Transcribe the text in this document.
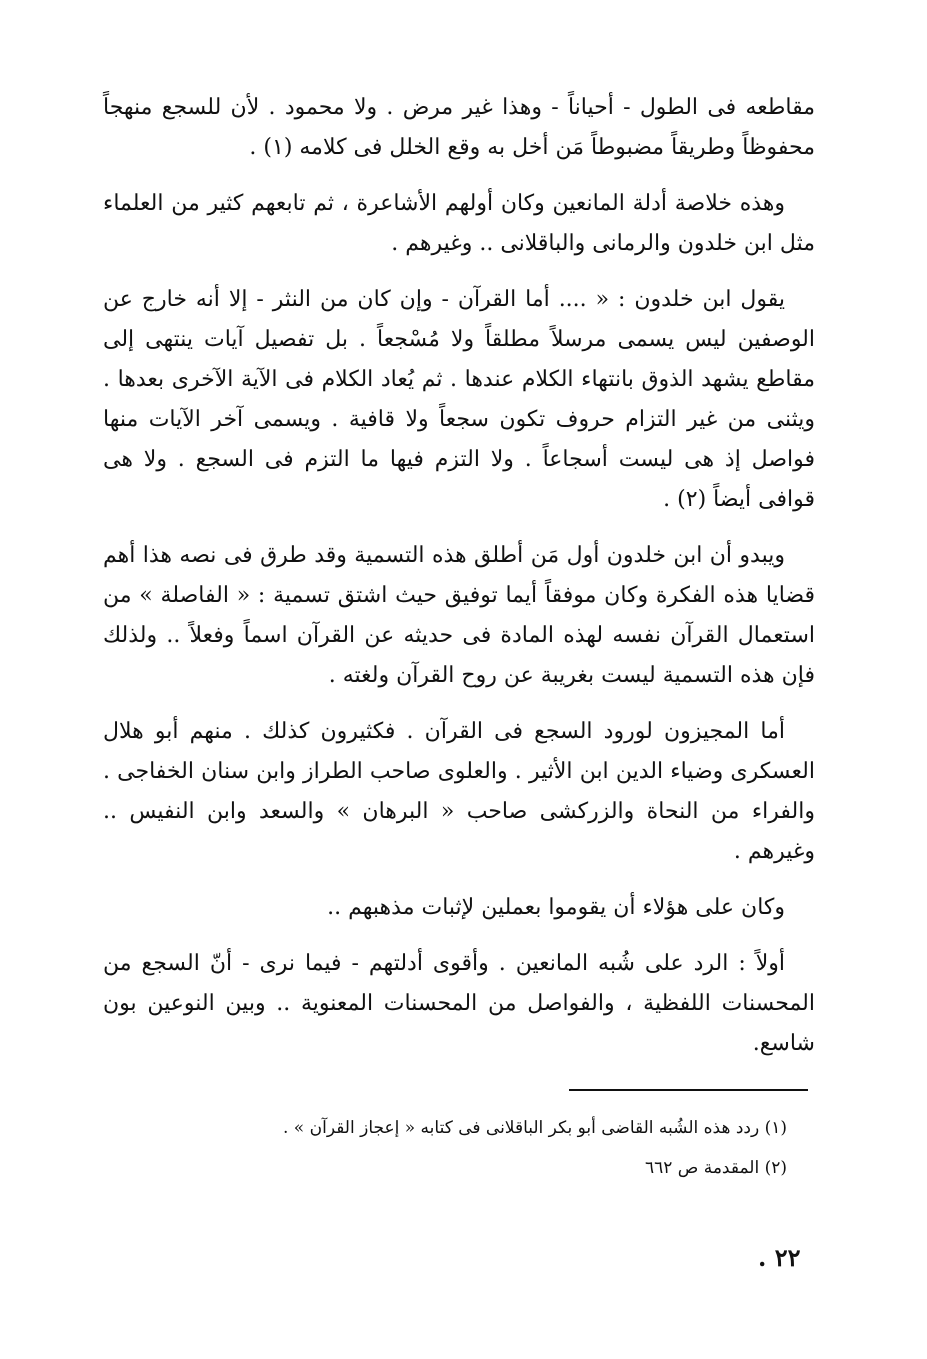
مقاطعه فى الطول - أحياناً - وهذا غير مرض . ولا محمود . لأن للسجع منهجاً محفوظاً وطريقاً مضبوطاً مَن أخل به وقع الخلل فى كلامه (١) .

وهذه خلاصة أدلة المانعين وكان أولهم الأشاعرة ، ثم تابعهم كثير من العلماء مثل ابن خلدون والرمانى والباقلانى .. وغيرهم .

يقول ابن خلدون : « .... أما القرآن - وإن كان من النثر - إلا أنه خارج عن الوصفين ليس يسمى مرسلاً مطلقاً ولا مُسْجعاً . بل تفصيل آيات ينتهى إلى مقاطع يشهد الذوق بانتهاء الكلام عندها . ثم يُعاد الكلام فى الآية الآخرى بعدها . ويثنى من غير التزام حروف تكون سجعاً ولا قافية . ويسمى آخر الآيات منها فواصل إذ هى ليست أسجاعاً . ولا التزم فيها ما التزم فى السجع . ولا هى قوافى أيضاً (٢) .

ويبدو أن ابن خلدون أول مَن أطلق هذه التسمية وقد طرق فى نصه هذا أهم قضايا هذه الفكرة وكان موفقاً أيما توفيق حيث اشتق تسمية : « الفاصلة » من استعمال القرآن نفسه لهذه المادة فى حديثه عن القرآن اسماً وفعلاً .. ولذلك فإن هذه التسمية ليست بغريبة عن روح القرآن ولغته .

أما المجيزون لورود السجع فى القرآن . فكثيرون كذلك . منهم أبو هلال العسكرى وضياء الدين ابن الأثير . والعلوى صاحب الطراز وابن سنان الخفاجى . والفراء من النحاة والزركشى صاحب « البرهان » والسعد وابن النفيس .. وغيرهم .

وكان على هؤلاء أن يقوموا بعملين لإثبات مذهبهم ..

أولاً : الرد على شُبه المانعين . وأقوى أدلتهم - فيما نرى - أنّ السجع من المحسنات اللفظية ، والفواصل من المحسنات المعنوية .. وبين النوعين بون شاسع.

(١) ردد هذه الشُبه القاضى أبو بكر الباقلانى فى كتابه « إعجاز القرآن » .

(٢) المقدمة ص ٦٦٢

٢٢ .
